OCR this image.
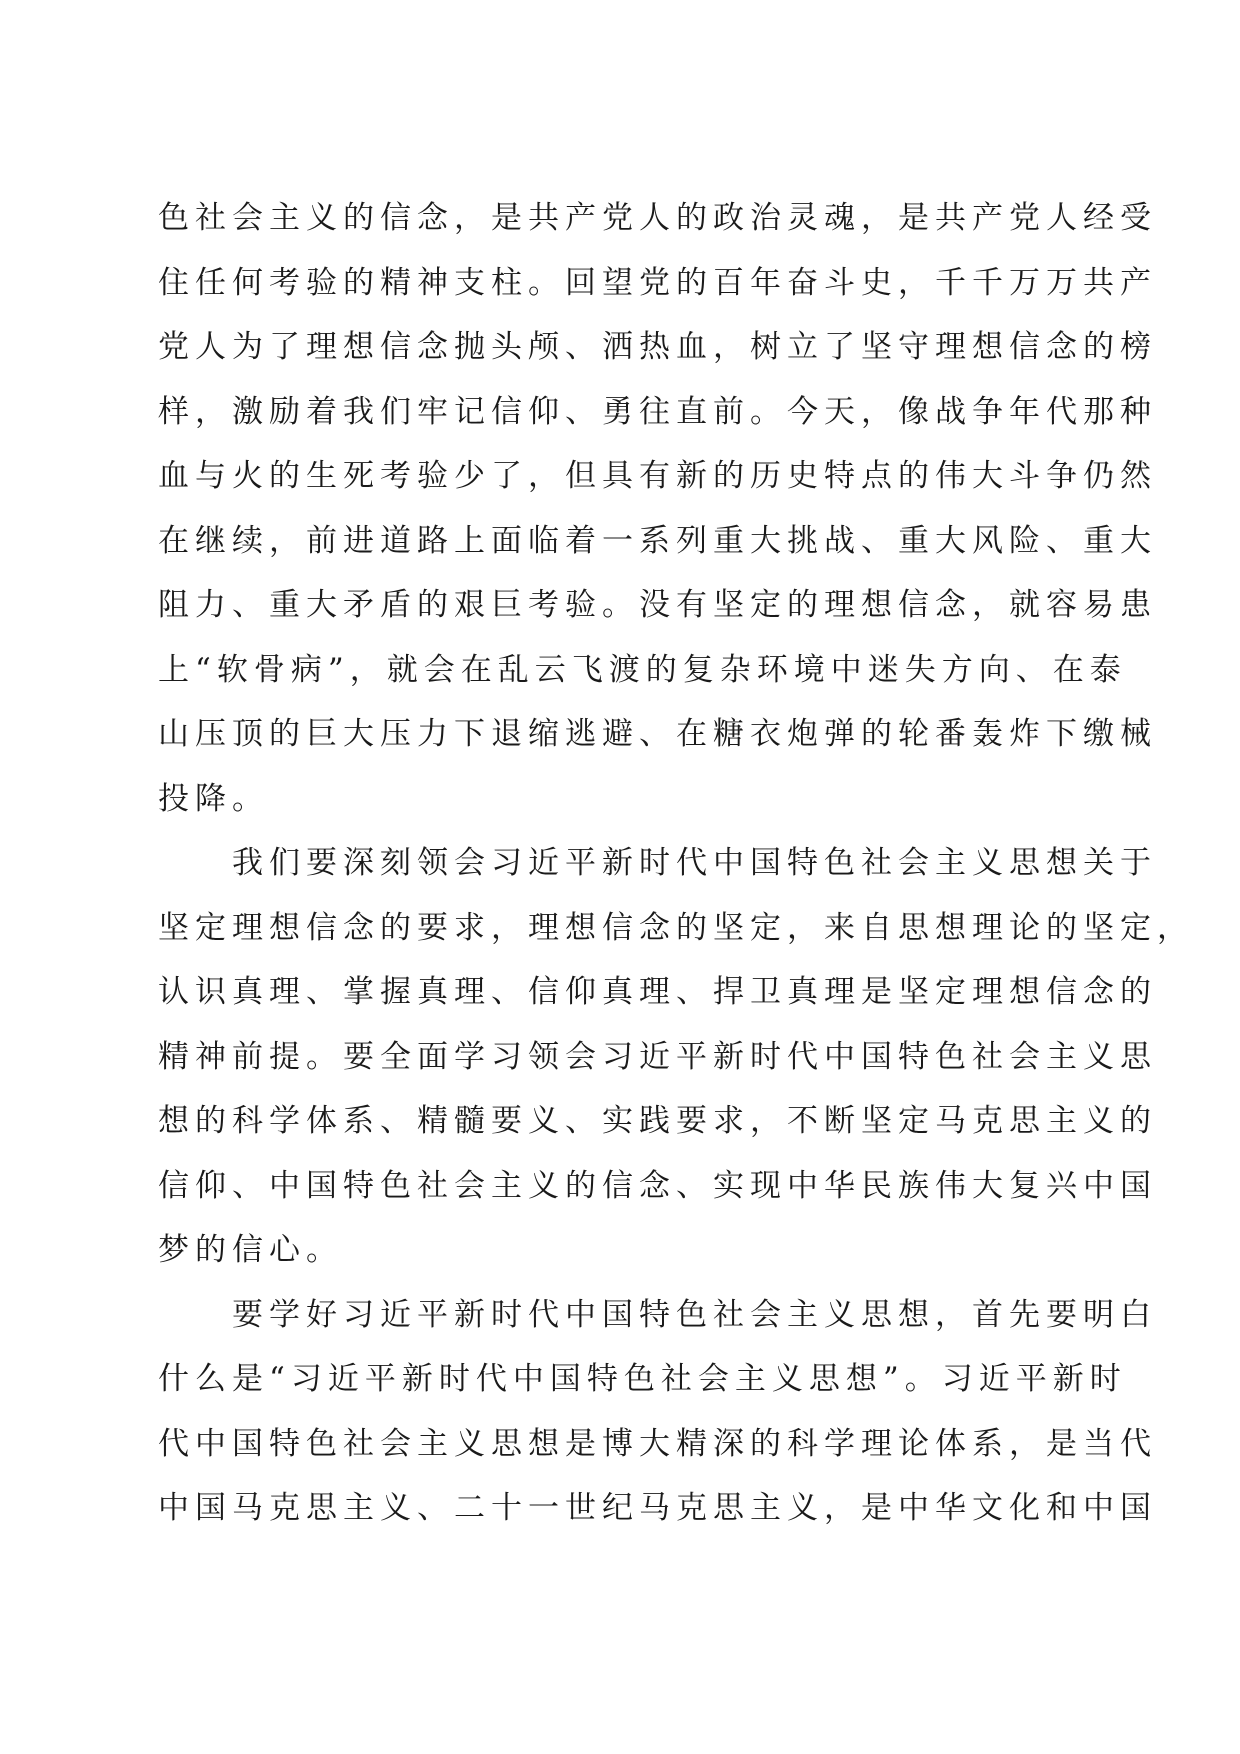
色社会主义的信念，是共产党人的政治灵魂，是共产党人经受
住任何考验的精神支柱。回望党的百年奋斗史，千千万万共产
党人为了理想信念抛头颅、洒热血，树立了坚守理想信念的榜
样，激励着我们牢记信仰、勇往直前。今天，像战争年代那种
血与火的生死考验少了，但具有新的历史特点的伟大斗争仍然
在继续，前进道路上面临着一系列重大挑战、重大风险、重大
阻力、重大矛盾的艰巨考验。没有坚定的理想信念，就容易患
上“软骨病”，就会在乱云飞渡的复杂环境中迷失方向、在泰
山压顶的巨大压力下退缩逃避、在糖衣炮弹的轮番轰炸下缴械
投降。
我们要深刻领会习近平新时代中国特色社会主义思想关于
坚定理想信念的要求，理想信念的坚定，来自思想理论的坚定，
认识真理、掌握真理、信仰真理、捍卫真理是坚定理想信念的
精神前提。要全面学习领会习近平新时代中国特色社会主义思
想的科学体系、精髓要义、实践要求，不断坚定马克思主义的
信仰、中国特色社会主义的信念、实现中华民族伟大复兴中国
梦的信心。
要学好习近平新时代中国特色社会主义思想，首先要明白
什么是“习近平新时代中国特色社会主义思想”。习近平新时
代中国特色社会主义思想是博大精深的科学理论体系，是当代
中国马克思主义、二十一世纪马克思主义，是中华文化和中国
